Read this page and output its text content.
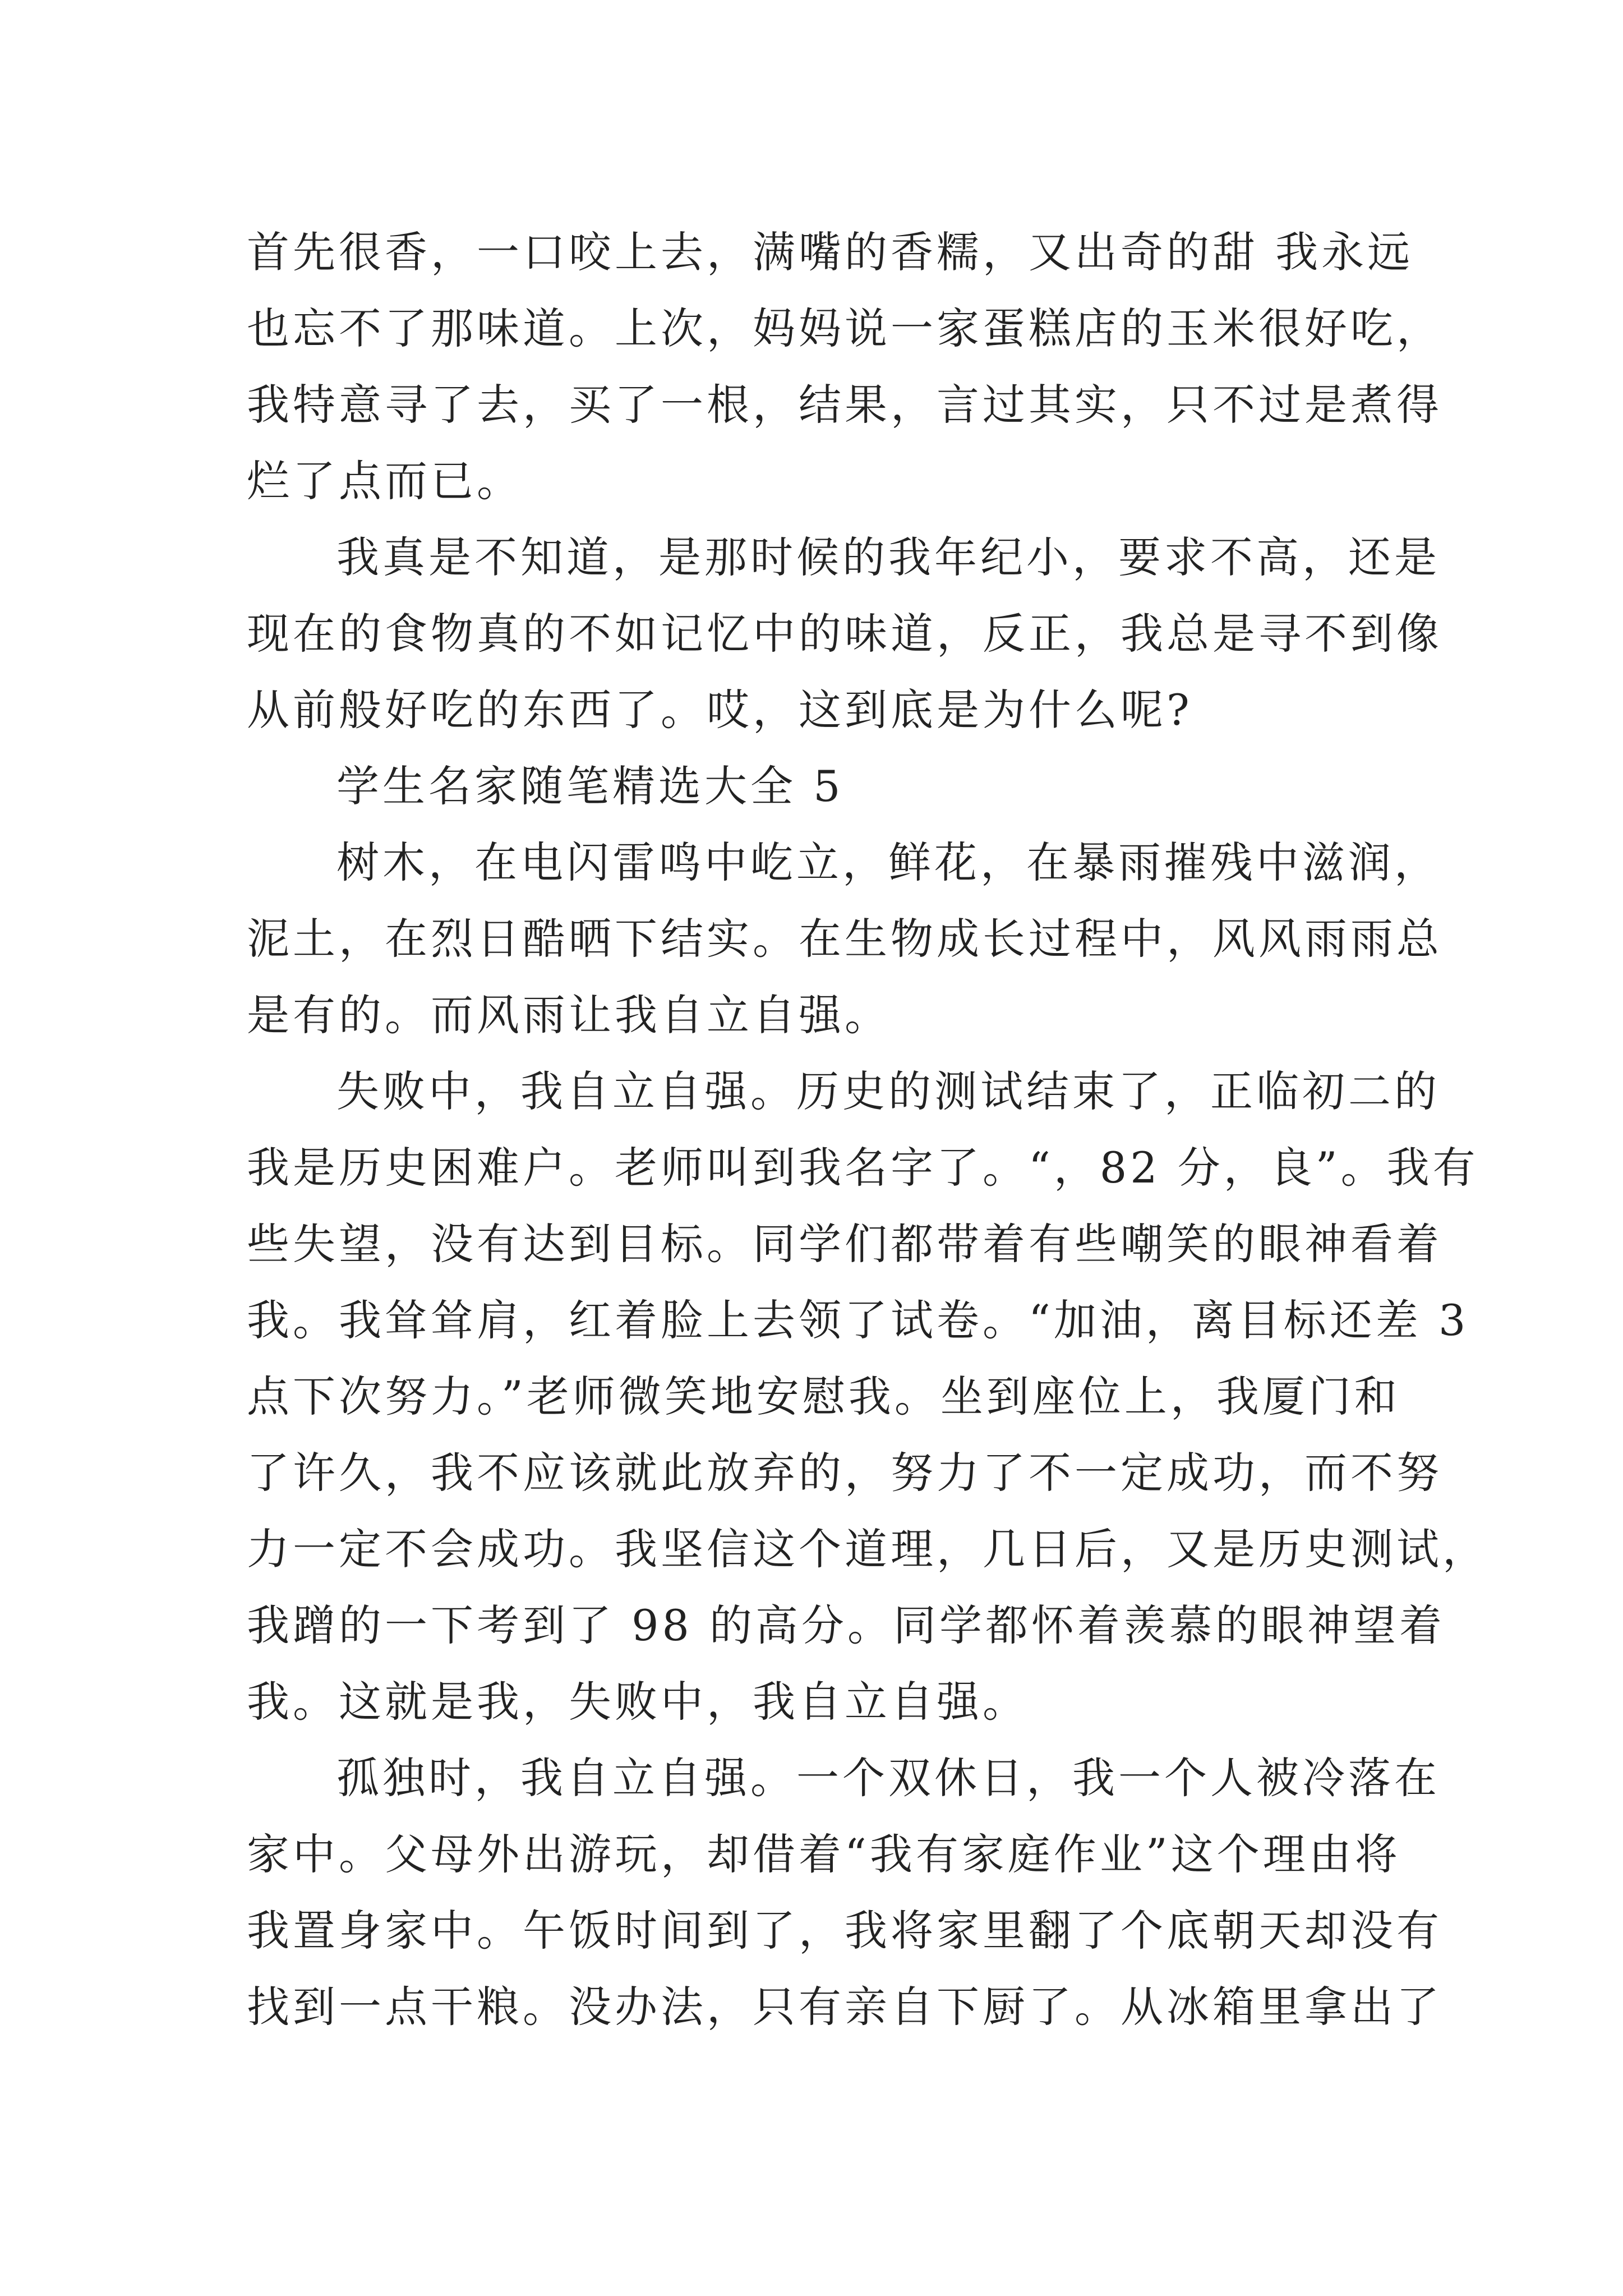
首先很香，一口咬上去，满嘴的香糯，又出奇的甜 我永远
也忘不了那味道。上次，妈妈说一家蛋糕店的玉米很好吃，
我特意寻了去，买了一根，结果，言过其实，只不过是煮得
烂了点而已。
我真是不知道，是那时候的我年纪小，要求不高，还是
现在的食物真的不如记忆中的味道，反正，我总是寻不到像
从前般好吃的东西了。哎，这到底是为什么呢?
学生名家随笔精选大全 5
树木，在电闪雷鸣中屹立，鲜花，在暴雨摧残中滋润，
泥土，在烈日酷晒下结实。在生物成长过程中，风风雨雨总
是有的。而风雨让我自立自强。
失败中，我自立自强。历史的测试结束了，正临初二的
我是历史困难户。老师叫到我名字了。“，82 分，良”。我有
些失望，没有达到目标。同学们都带着有些嘲笑的眼神看着
我。我耸耸肩，红着脸上去领了试卷。“加油，离目标还差 3
点下次努力。”老师微笑地安慰我。坐到座位上，我厦门和
了许久，我不应该就此放弃的，努力了不一定成功，而不努
力一定不会成功。我坚信这个道理，几日后，又是历史测试，
我蹭的一下考到了 98 的高分。同学都怀着羡慕的眼神望着
我。这就是我，失败中，我自立自强。
孤独时，我自立自强。一个双休日，我一个人被冷落在
家中。父母外出游玩，却借着“我有家庭作业”这个理由将
我置身家中。午饭时间到了，我将家里翻了个底朝天却没有
找到一点干粮。没办法，只有亲自下厨了。从冰箱里拿出了
